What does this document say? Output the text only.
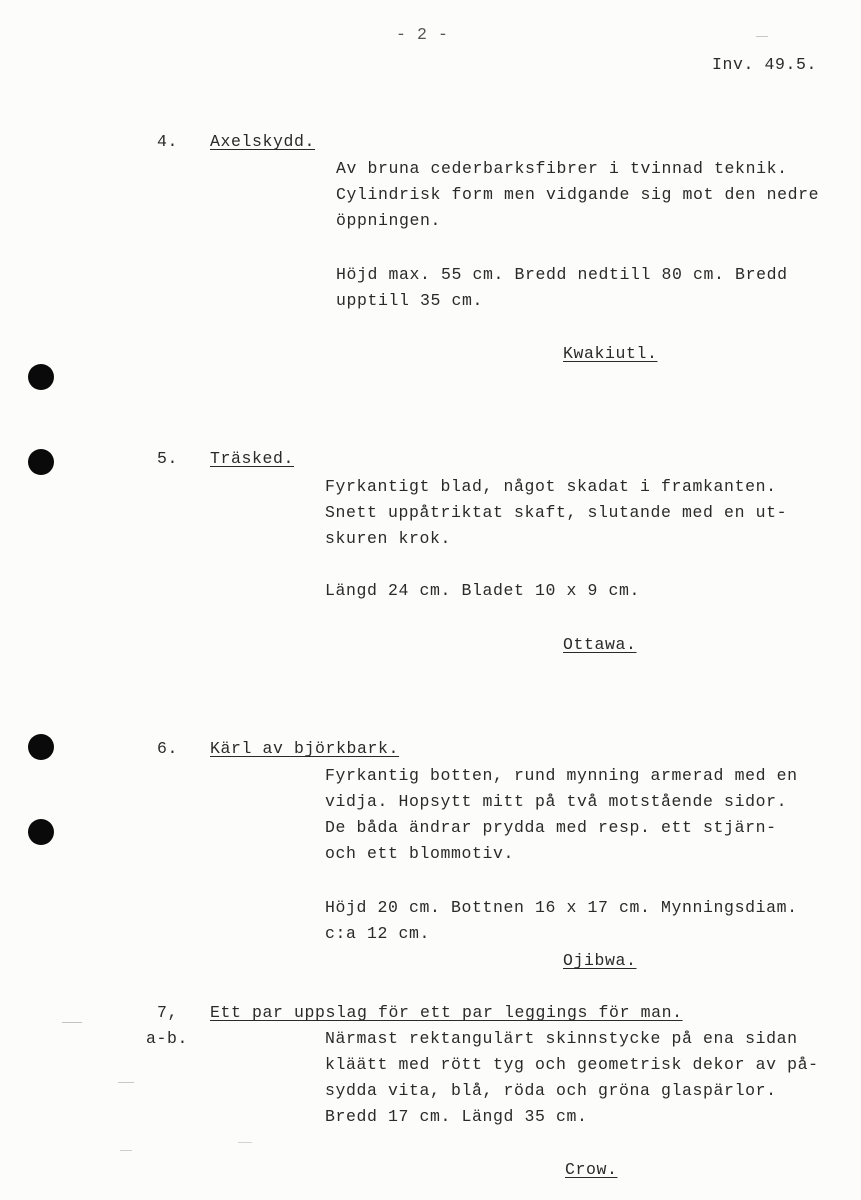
- 2 -
Inv. 49.5.
4. Axelskydd.
Av bruna cederbarksfibrer i tvinnad teknik.
Cylindrisk form men vidgande sig mot den nedre
öppningen.
Höjd max. 55 cm. Bredd nedtill 80 cm. Bredd
upptill 35 cm.
Kwakiutl.
5. Träsked.
Fyrkantigt blad, något skadat i framkanten.
Snett uppåtriktat skaft, slutande med en ut-
skuren krok.
Längd 24 cm. Bladet 10 x 9 cm.
Ottawa.
6. Kärl av björkbark.
Fyrkantig botten, rund mynning armerad med en
vidja. Hopsytt mitt på två motstående sidor.
De båda ändrar prydda med resp. ett stjärn-
och ett blommotiv.
Höjd 20 cm. Bottnen 16 x 17 cm. Mynningsdiam.
c:a 12 cm.
Ojibwa.
7,
a-b.
Ett par uppslag för ett par leggings för man.
Närmast rektangulärt skinnstycke på ena sidan
kläätt med rött tyg och geometrisk dekor av på-
sydda vita, blå, röda och gröna glaspärlor.
Bredd 17 cm. Längd 35 cm.
Crow.
